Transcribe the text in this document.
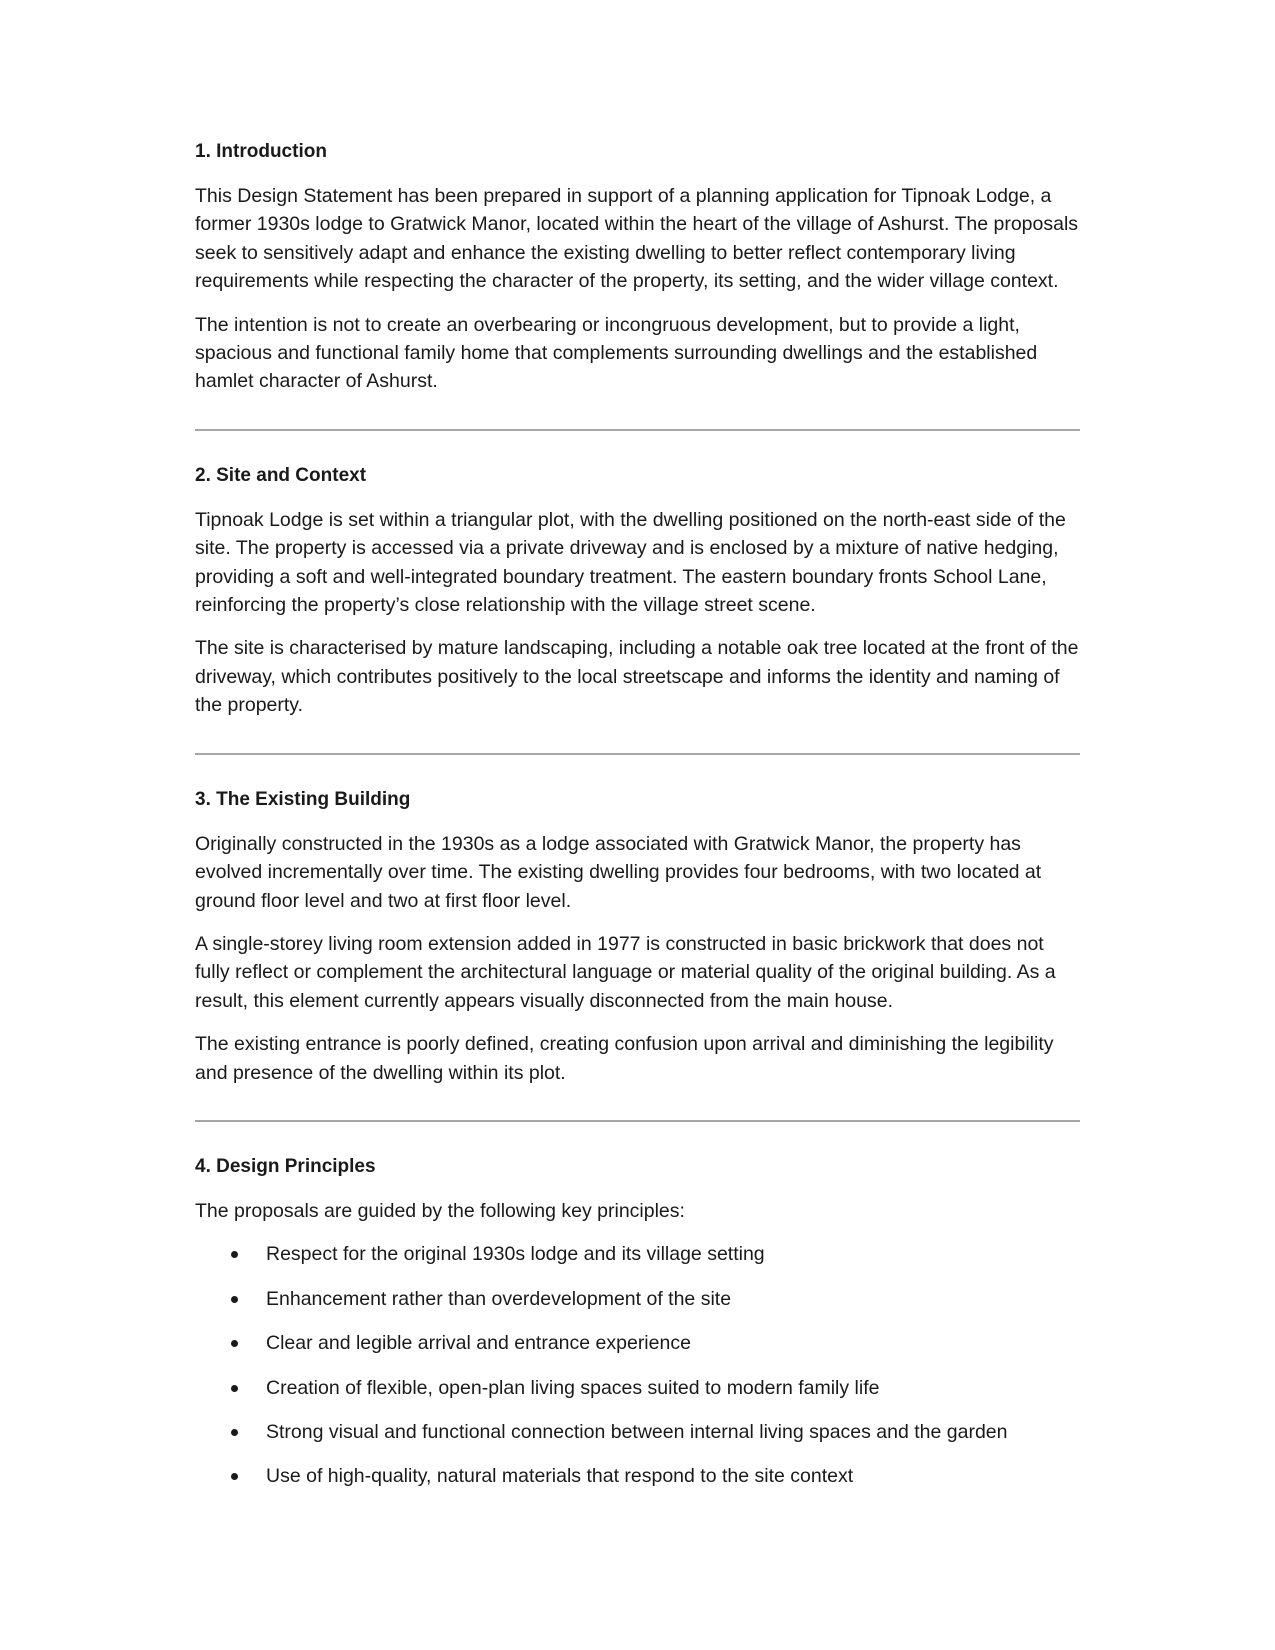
1. Introduction

This Design Statement has been prepared in support of a planning application for Tipnoak Lodge, a former 1930s lodge to Gratwick Manor, located within the heart of the village of Ashurst. The proposals seek to sensitively adapt and enhance the existing dwelling to better reflect contemporary living requirements while respecting the character of the property, its setting, and the wider village context.

The intention is not to create an overbearing or incongruous development, but to provide a light, spacious and functional family home that complements surrounding dwellings and the established hamlet character of Ashurst.

2. Site and Context

Tipnoak Lodge is set within a triangular plot, with the dwelling positioned on the north-east side of the site. The property is accessed via a private driveway and is enclosed by a mixture of native hedging, providing a soft and well-integrated boundary treatment. The eastern boundary fronts School Lane, reinforcing the property’s close relationship with the village street scene.

The site is characterised by mature landscaping, including a notable oak tree located at the front of the driveway, which contributes positively to the local streetscape and informs the identity and naming of the property.

3. The Existing Building

Originally constructed in the 1930s as a lodge associated with Gratwick Manor, the property has evolved incrementally over time. The existing dwelling provides four bedrooms, with two located at ground floor level and two at first floor level.

A single-storey living room extension added in 1977 is constructed in basic brickwork that does not fully reflect or complement the architectural language or material quality of the original building. As a result, this element currently appears visually disconnected from the main house.

The existing entrance is poorly defined, creating confusion upon arrival and diminishing the legibility and presence of the dwelling within its plot.

4. Design Principles

The proposals are guided by the following key principles:

Respect for the original 1930s lodge and its village setting
Enhancement rather than overdevelopment of the site
Clear and legible arrival and entrance experience
Creation of flexible, open-plan living spaces suited to modern family life
Strong visual and functional connection between internal living spaces and the garden
Use of high-quality, natural materials that respond to the site context
